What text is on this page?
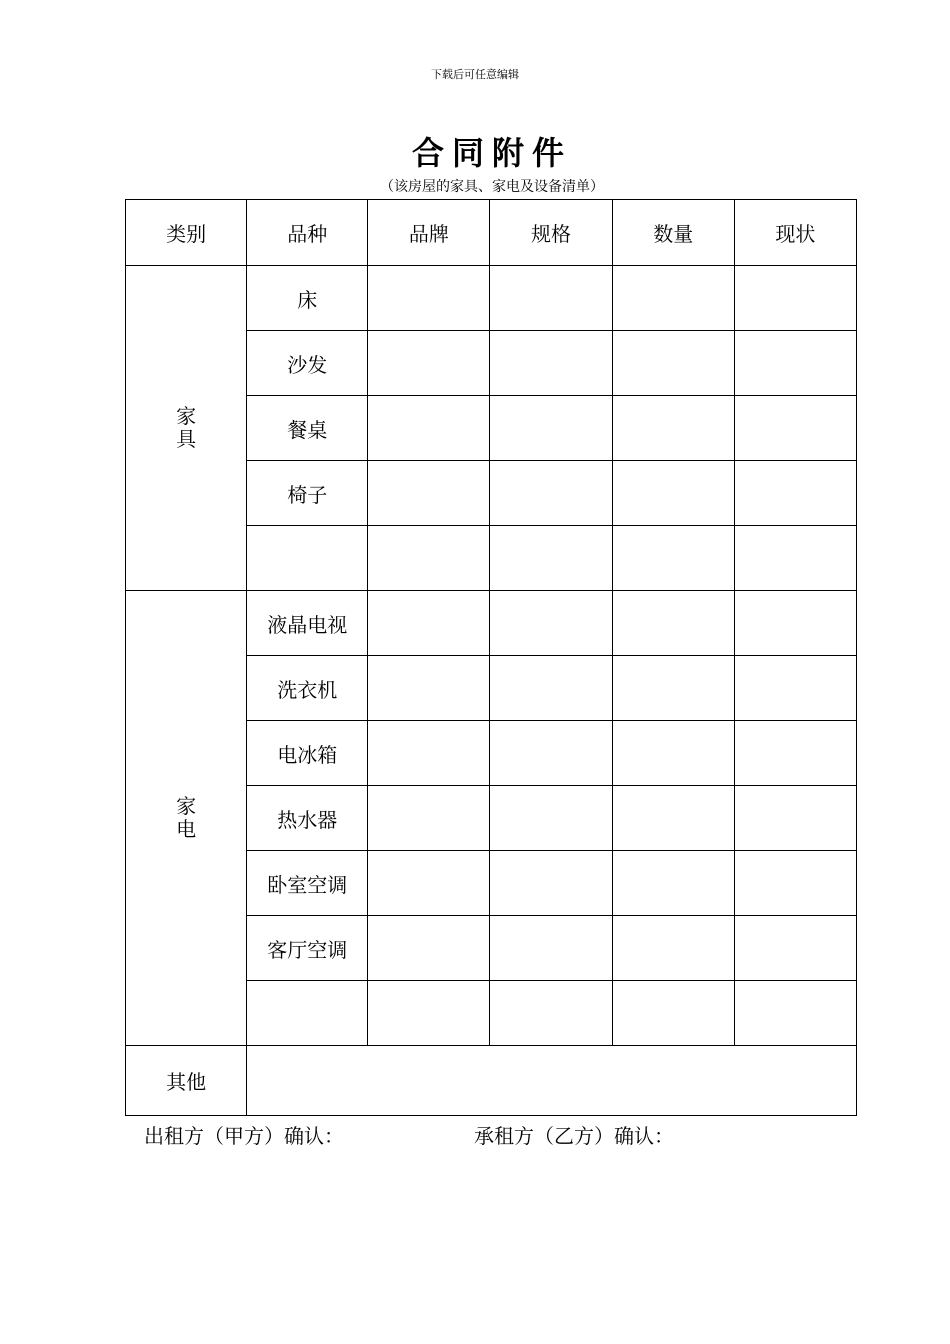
下载后可任意编辑
合同附件
（该房屋的家具、家电及设备清单）
类别	品种	品牌	规格	数量	现状
家具	床				
	沙发				
	餐桌				
	椅子				

家电	液晶电视				
	洗衣机				
	电冰箱				
	热水器				
	卧室空调				
	客厅空调				

其他					
出租方（甲方）确认：	承租方（乙方）确认：
